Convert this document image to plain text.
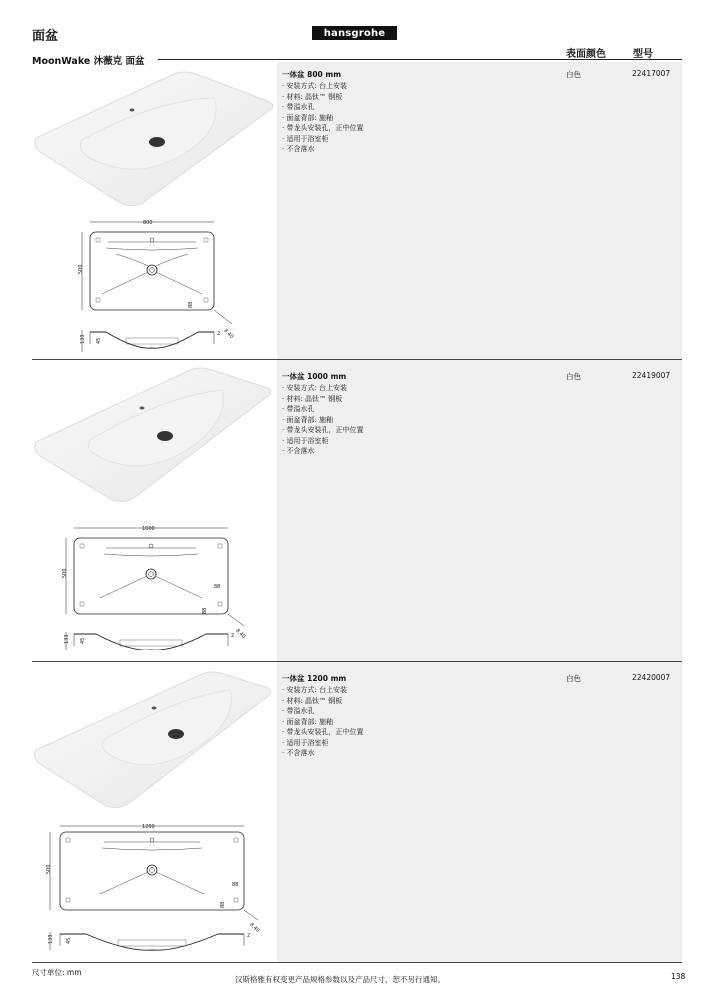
面盆	hansgrohe
MoonWake 沐薇克 面盆
表面颜色	型号
800
500
88
8.40
133 45
2
一体盆 800 mm
· 安装方式: 台上安装
· 材料: 晶钛™ 钢板
· 带溢水孔
· 面盆背部: 施釉
· 带龙头安装孔，正中位置
· 适用于浴室柜
· 不含落水
白色	22417007
1000
500
88
88
8.40
133 45
2
一体盆 1000 mm
· 安装方式: 台上安装
· 材料: 晶钛™ 钢板
· 带溢水孔
· 面盆背部: 施釉
· 带龙头安装孔，正中位置
· 适用于浴室柜
· 不含落水
白色	22419007
1200
500
88
88
8.40
133 45
2
一体盆 1200 mm
· 安装方式: 台上安装
· 材料: 晶钛™ 钢板
· 带溢水孔
· 面盆背部: 施釉
· 带龙头安装孔，正中位置
· 适用于浴室柜
· 不含落水
白色	22420007
尺寸单位: mm
汉斯格雅有权变更产品规格参数以及产品尺寸，恕不另行通知。	138
